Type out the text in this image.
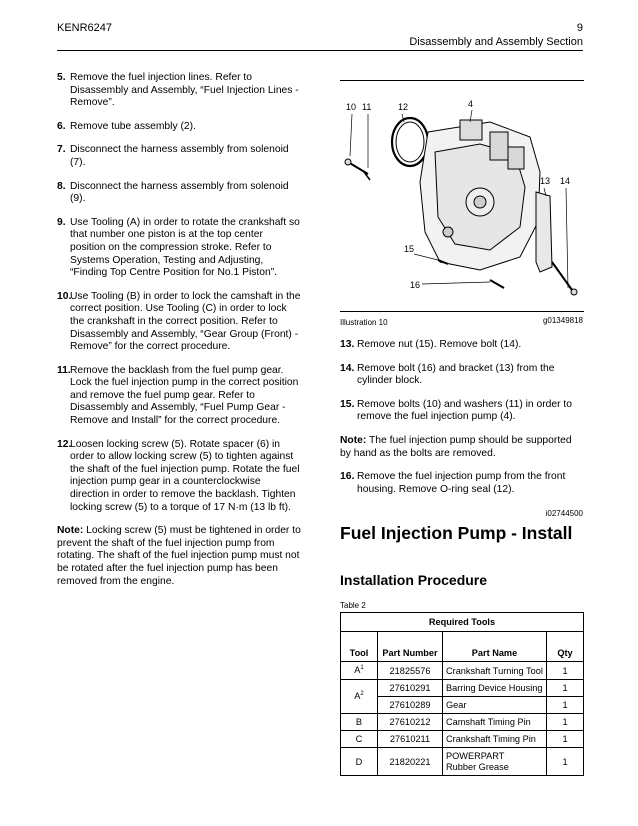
KENR6247	9
Disassembly and Assembly Section
5. Remove the fuel injection lines. Refer to Disassembly and Assembly, “Fuel Injection Lines - Remove”.
6. Remove tube assembly (2).
7. Disconnect the harness assembly from solenoid (7).
8. Disconnect the harness assembly from solenoid (9).
9. Use Tooling (A) in order to rotate the crankshaft so that number one piston is at the top center position on the compression stroke. Refer to Systems Operation, Testing and Adjusting, “Finding Top Centre Position for No.1 Piston”.
10.
Use Tooling (B) in order to lock the camshaft in the correct position. Use Tooling (C) in order to lock the crankshaft in the correct position. Refer to Disassembly and Assembly, “Gear Group (Front) - Remove” for the correct procedure.
11. Remove the backlash from the fuel pump gear. Lock the fuel injection pump in the correct position and remove the fuel pump gear. Refer to Disassembly and Assembly, “Fuel Pump Gear - Remove and Install” for the correct procedure.
12.
Loosen locking screw (5). Rotate spacer (6) in order to allow locking screw (5) to tighten against the shaft of the fuel injection pump. Rotate the fuel injection pump gear in a counterclockwise direction in order to remove the backlash. Tighten locking screw (5) to a torque of 17 N·m (13 lb ft).
Note: Locking screw (5) must be tightened in order to prevent the shaft of the fuel injection pump from rotating. The shaft of the fuel injection pump must not be rotated after the fuel injection pump has been removed from the engine.
10 11	12	4
13 14
15
16
Illustration 10	g01349818
13. Remove nut (15). Remove bolt (14).
14. Remove bolt (16) and bracket (13) from the cylinder block.
15. Remove bolts (10) and washers (11) in order to remove the fuel injection pump (4).
Note: The fuel injection pump should be supported by hand as the bolts are removed.
16. Remove the fuel injection pump from the front housing. Remove O-ring seal (12).
i02744500
Fuel Injection Pump - Install
Installation Procedure
Table 2
Required Tools			
Tool	Part Number	Part Name	Qty
$A^1$	21825576	Crankshaft Turning Tool	1
$A^2$	27610291	Barring Device Housing	1
	27610289	Gear	1
B	27610212	Camshaft Timing Pin	1
C	27610211	Crankshaft Timing Pin	1
D	21820221	POWERPART
Rubber Grease	1
